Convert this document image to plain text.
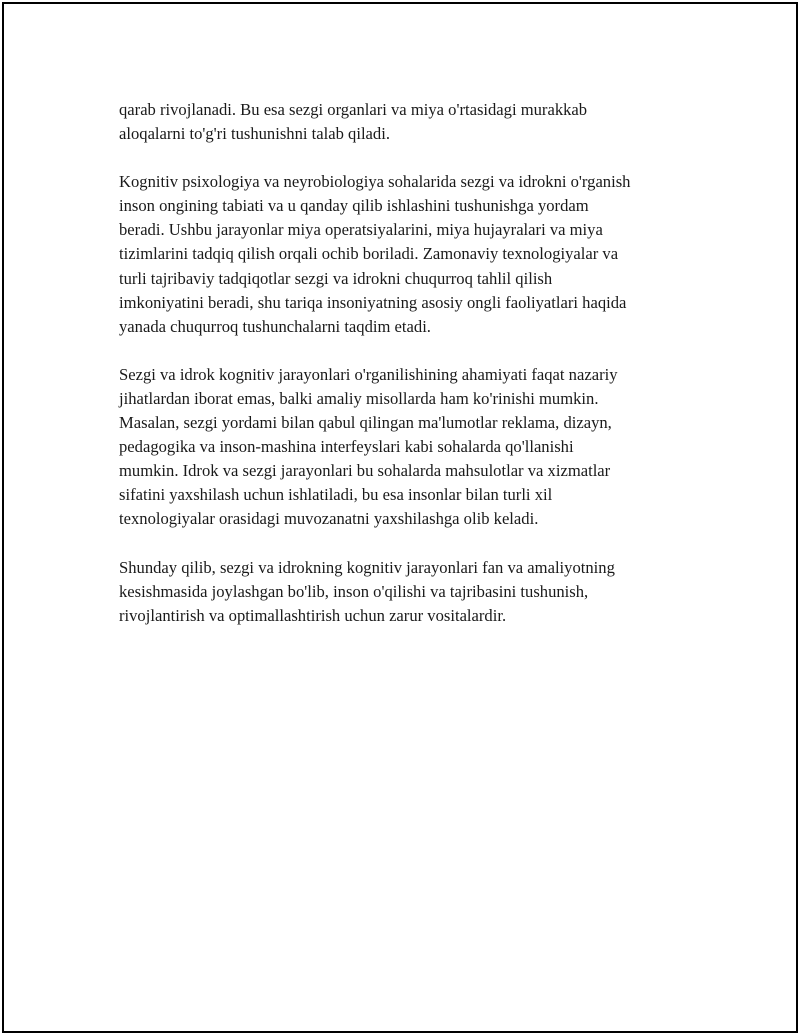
qarab rivojlanadi. Bu esa sezgi organlari va miya o'rtasidagi murakkab
aloqalarni to'g'ri tushunishni talab qiladi.

Kognitiv psixologiya va neyrobiologiya sohalarida sezgi va idrokni o'rganish
inson ongining tabiati va u qanday qilib ishlashini tushunishga yordam
beradi. Ushbu jarayonlar miya operatsiyalarini, miya hujayralari va miya
tizimlarini tadqiq qilish orqali ochib boriladi. Zamonaviy texnologiyalar va
turli tajribaviy tadqiqotlar sezgi va idrokni chuqurroq tahlil qilish
imkoniyatini beradi, shu tariqa insoniyatning asosiy ongli faoliyatlari haqida
yanada chuqurroq tushunchalarni taqdim etadi.

Sezgi va idrok kognitiv jarayonlari o'rganilishining ahamiyati faqat nazariy
jihatlardan iborat emas, balki amaliy misollarda ham ko'rinishi mumkin.
Masalan, sezgi yordami bilan qabul qilingan ma'lumotlar reklama, dizayn,
pedagogika va inson-mashina interfeyslari kabi sohalarda qo'llanishi
mumkin. Idrok va sezgi jarayonlari bu sohalarda mahsulotlar va xizmatlar
sifatini yaxshilash uchun ishlatiladi, bu esa insonlar bilan turli xil
texnologiyalar orasidagi muvozanatni yaxshilashga olib keladi.

Shunday qilib, sezgi va idrokning kognitiv jarayonlari fan va amaliyotning
kesishmasida joylashgan bo'lib, inson o'qilishi va tajribasini tushunish,
rivojlantirish va optimallashtirish uchun zarur vositalardir.
